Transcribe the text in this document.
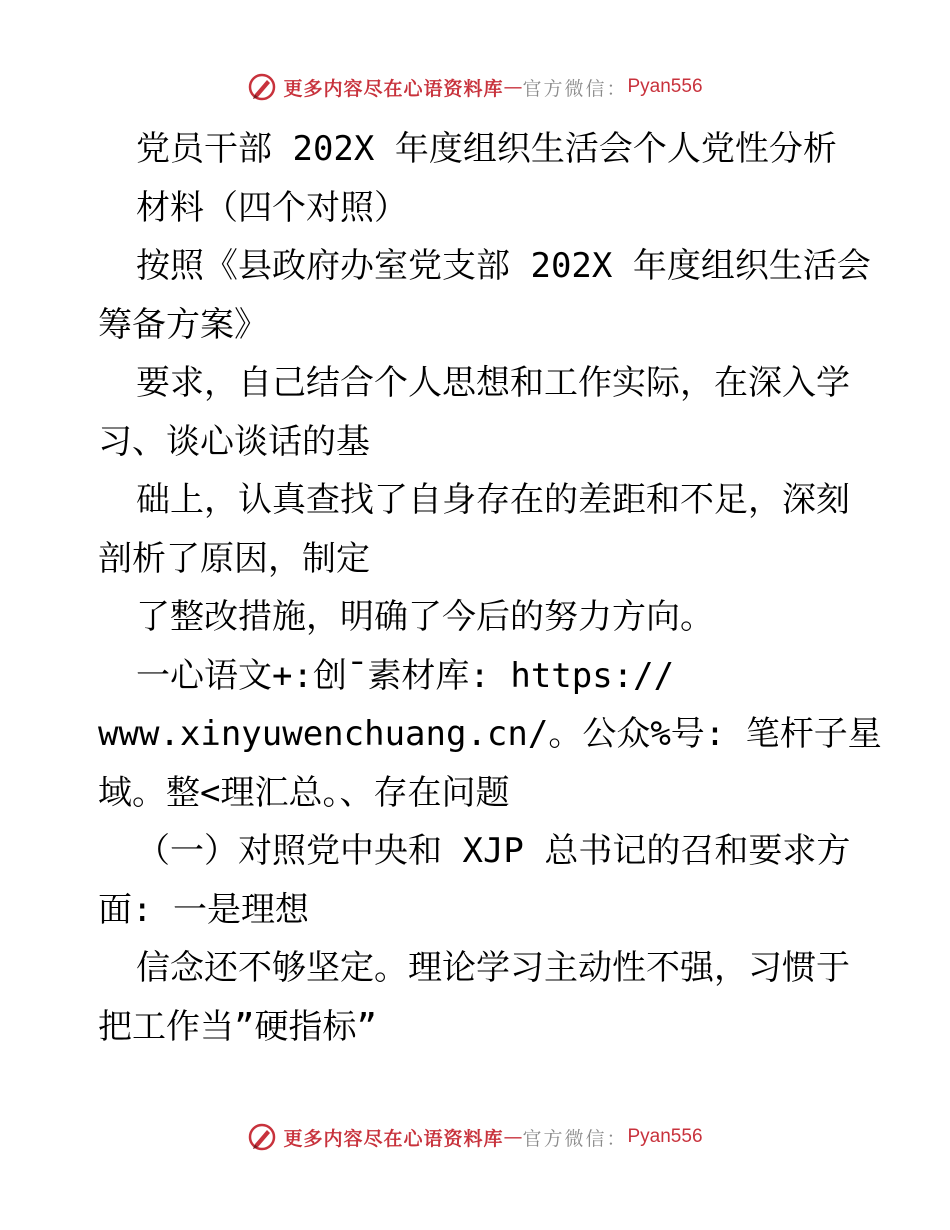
更多内容尽在心语资料库 — 官方微信： Pyan556
党员干部 202X 年度组织生活会个人党性分析
材料（四个对照）
按照《县政府办室党支部 202X 年度组织生活会
筹备方案》
要求，自己结合个人思想和工作实际，在深入学
习、谈心谈话的基
础上，认真查找了自身存在的差距和不足，深刻
剖析了原因，制定
了整改措施，明确了今后的努力方向。
一心语文+:创¯素材库: https://
www.xinyuwenchuang.cn/。公众%号: 笔杆子星
域。整<理汇总。、存在问题
（一）对照党中央和 XJP 总书记的召和要求方
面: 一是理想
信念还不够坚定。理论学习主动性不强，习惯于
把工作当”硬指标”
更多内容尽在心语资料库 — 官方微信： Pyan556
